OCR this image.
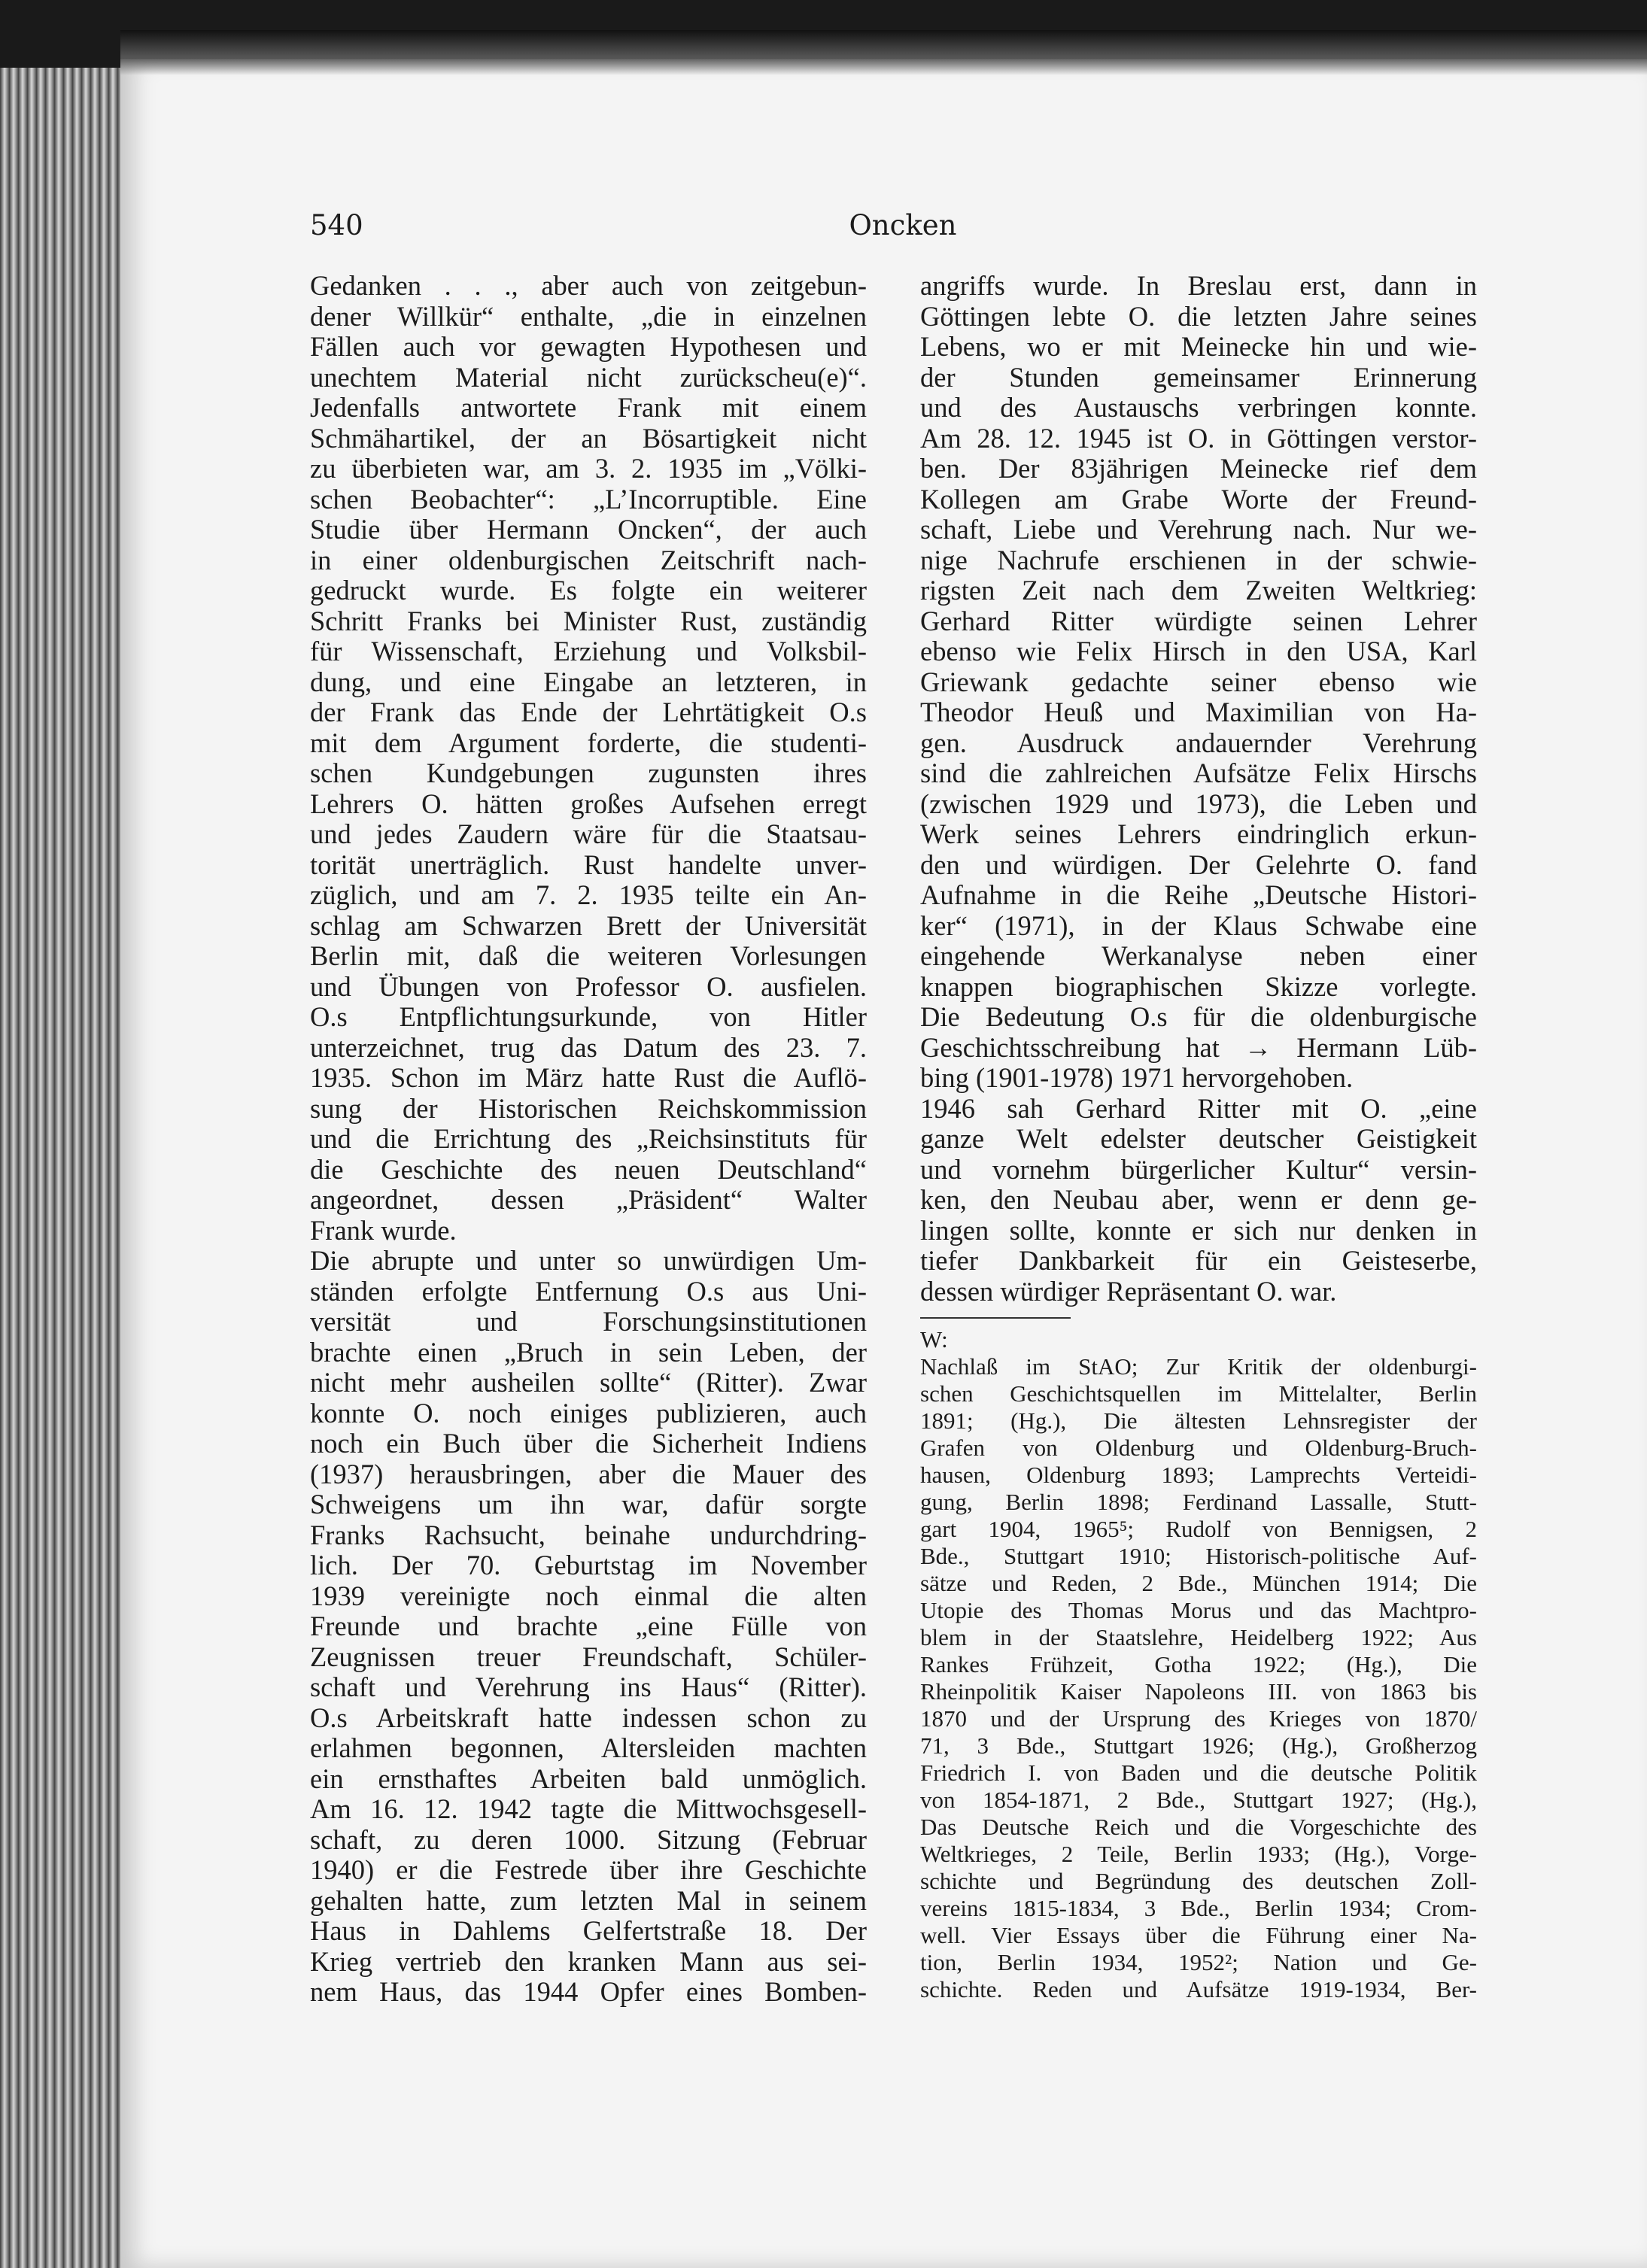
540	Oncken

Gedanken . . ., aber auch von zeitgebun-
dener Willkür“ enthalte, „die in einzelnen
Fällen auch vor gewagten Hypothesen und
unechtem Material nicht zurückscheu(e)“.
Jedenfalls antwortete Frank mit einem
Schmähartikel, der an Bösartigkeit nicht
zu überbieten war, am 3. 2. 1935 im „Völki-
schen Beobachter“: „L’Incorruptible. Eine
Studie über Hermann Oncken“, der auch
in einer oldenburgischen Zeitschrift nach-
gedruckt wurde. Es folgte ein weiterer
Schritt Franks bei Minister Rust, zuständig
für Wissenschaft, Erziehung und Volksbil-
dung, und eine Eingabe an letzteren, in
der Frank das Ende der Lehrtätigkeit O.s
mit dem Argument forderte, die studenti-
schen Kundgebungen zugunsten ihres
Lehrers O. hätten großes Aufsehen erregt
und jedes Zaudern wäre für die Staatsau-
torität unerträglich. Rust handelte unver-
züglich, und am 7. 2. 1935 teilte ein An-
schlag am Schwarzen Brett der Universität
Berlin mit, daß die weiteren Vorlesungen
und Übungen von Professor O. ausfielen.
O.s Entpflichtungsurkunde, von Hitler
unterzeichnet, trug das Datum des 23. 7.
1935. Schon im März hatte Rust die Auflö-
sung der Historischen Reichskommission
und die Errichtung des „Reichsinstituts für
die Geschichte des neuen Deutschland“
angeordnet, dessen „Präsident“ Walter
Frank wurde.
Die abrupte und unter so unwürdigen Um-
ständen erfolgte Entfernung O.s aus Uni-
versität und Forschungsinstitutionen
brachte einen „Bruch in sein Leben, der
nicht mehr ausheilen sollte“ (Ritter). Zwar
konnte O. noch einiges publizieren, auch
noch ein Buch über die Sicherheit Indiens
(1937) herausbringen, aber die Mauer des
Schweigens um ihn war, dafür sorgte
Franks Rachsucht, beinahe undurchdring-
lich. Der 70. Geburtstag im November
1939 vereinigte noch einmal die alten
Freunde und brachte „eine Fülle von
Zeugnissen treuer Freundschaft, Schüler-
schaft und Verehrung ins Haus“ (Ritter).
O.s Arbeitskraft hatte indessen schon zu
erlahmen begonnen, Altersleiden machten
ein ernsthaftes Arbeiten bald unmöglich.
Am 16. 12. 1942 tagte die Mittwochsgesell-
schaft, zu deren 1000. Sitzung (Februar
1940) er die Festrede über ihre Geschichte
gehalten hatte, zum letzten Mal in seinem
Haus in Dahlems Gelfertstraße 18. Der
Krieg vertrieb den kranken Mann aus sei-
nem Haus, das 1944 Opfer eines Bomben-
angriffs wurde. In Breslau erst, dann in
Göttingen lebte O. die letzten Jahre seines
Lebens, wo er mit Meinecke hin und wie-
der Stunden gemeinsamer Erinnerung
und des Austauschs verbringen konnte.
Am 28. 12. 1945 ist O. in Göttingen verstor-
ben. Der 83jährigen Meinecke rief dem
Kollegen am Grabe Worte der Freund-
schaft, Liebe und Verehrung nach. Nur we-
nige Nachrufe erschienen in der schwie-
rigsten Zeit nach dem Zweiten Weltkrieg:
Gerhard Ritter würdigte seinen Lehrer
ebenso wie Felix Hirsch in den USA, Karl
Griewank gedachte seiner ebenso wie
Theodor Heuß und Maximilian von Ha-
gen. Ausdruck andauernder Verehrung
sind die zahlreichen Aufsätze Felix Hirschs
(zwischen 1929 und 1973), die Leben und
Werk seines Lehrers eindringlich erkun-
den und würdigen. Der Gelehrte O. fand
Aufnahme in die Reihe „Deutsche Histori-
ker“ (1971), in der Klaus Schwabe eine
eingehende Werkanalyse neben einer
knappen biographischen Skizze vorlegte.
Die Bedeutung O.s für die oldenburgische
Geschichtsschreibung hat → Hermann Lüb-
bing (1901-1978) 1971 hervorgehoben.
1946 sah Gerhard Ritter mit O. „eine
ganze Welt edelster deutscher Geistigkeit
und vornehm bürgerlicher Kultur“ versin-
ken, den Neubau aber, wenn er denn ge-
lingen sollte, konnte er sich nur denken in
tiefer Dankbarkeit für ein Geisteserbe,
dessen würdiger Repräsentant O. war.
W:
Nachlaß im StAO; Zur Kritik der oldenburgi-
schen Geschichtsquellen im Mittelalter, Berlin
1891; (Hg.), Die ältesten Lehnsregister der
Grafen von Oldenburg und Oldenburg-Bruch-
hausen, Oldenburg 1893; Lamprechts Verteidi-
gung, Berlin 1898; Ferdinand Lassalle, Stutt-
gart 1904, 1965⁵; Rudolf von Bennigsen, 2
Bde., Stuttgart 1910; Historisch-politische Auf-
sätze und Reden, 2 Bde., München 1914; Die
Utopie des Thomas Morus und das Machtpro-
blem in der Staatslehre, Heidelberg 1922; Aus
Rankes Frühzeit, Gotha 1922; (Hg.), Die
Rheinpolitik Kaiser Napoleons III. von 1863 bis
1870 und der Ursprung des Krieges von 1870/
71, 3 Bde., Stuttgart 1926; (Hg.), Großherzog
Friedrich I. von Baden und die deutsche Politik
von 1854-1871, 2 Bde., Stuttgart 1927; (Hg.),
Das Deutsche Reich und die Vorgeschichte des
Weltkrieges, 2 Teile, Berlin 1933; (Hg.), Vorge-
schichte und Begründung des deutschen Zoll-
vereins 1815-1834, 3 Bde., Berlin 1934; Crom-
well. Vier Essays über die Führung einer Na-
tion, Berlin 1934, 1952²; Nation und Ge-
schichte. Reden und Aufsätze 1919-1934, Ber-
